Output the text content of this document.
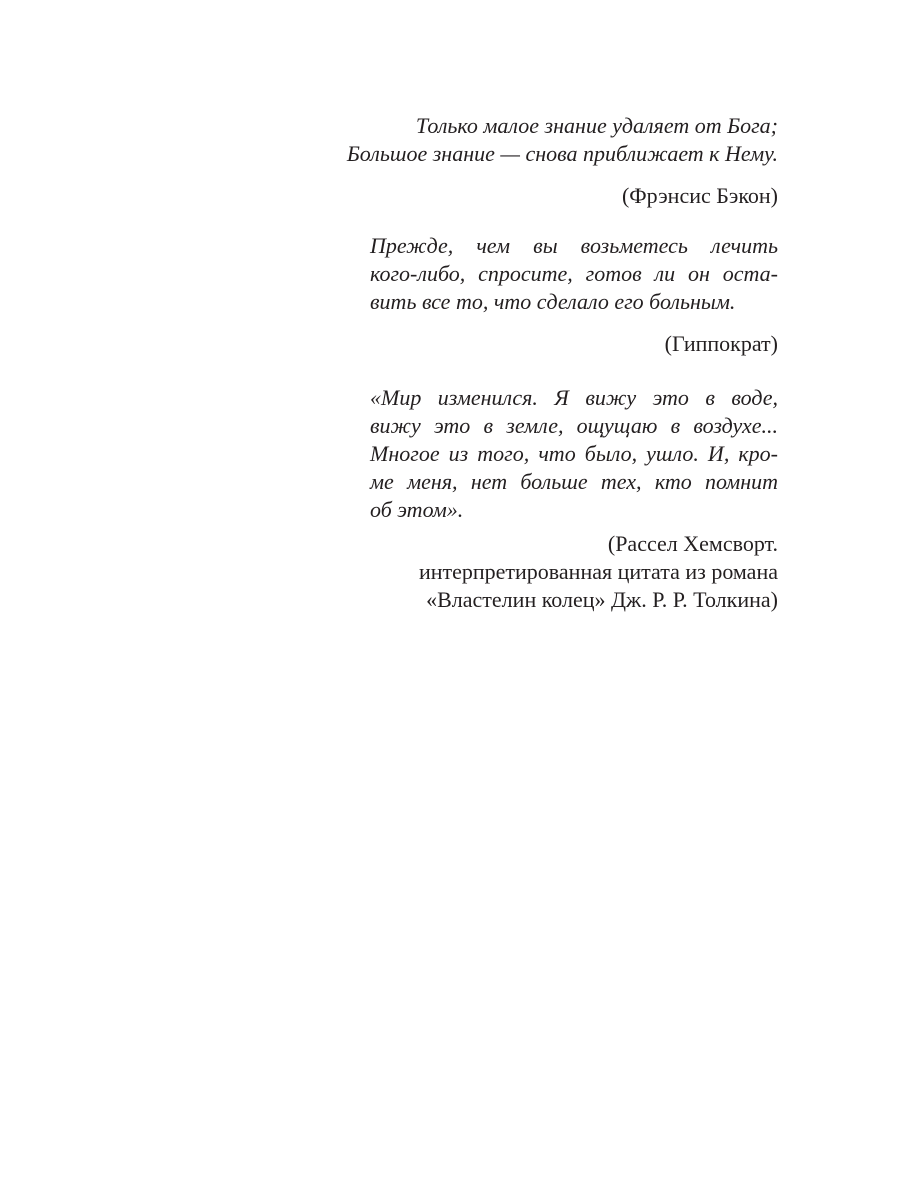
Только малое знание удаляет от Бога;
Большое знание — снова приближает к Нему.
(Фрэнсис Бэкон)
Прежде, чем вы возьметесь лечить
кого-либо, спросите, готов ли он оста-
вить все то, что сделало его больным.
(Гиппократ)
«Мир изменился. Я вижу это в воде,
вижу это в земле, ощущаю в воздухе...
Многое из того, что было, ушло. И, кро-
ме меня, нет больше тех, кто помнит
об этом».
(Рассел Хемсворт.
интерпретированная цитата из романа
«Властелин колец» Дж. Р. Р. Толкина)
